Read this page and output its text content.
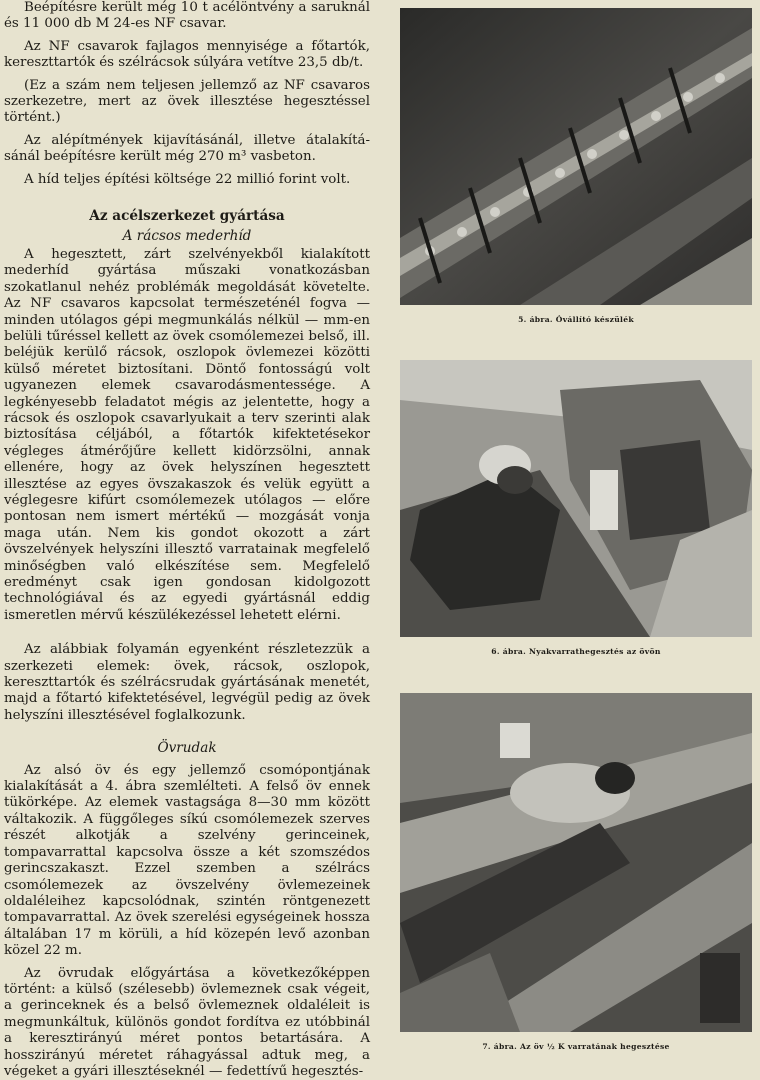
Beépítésre került még 10 t acélöntvény a saruknál és 11 000 db M 24-es NF csavar.

Az NF csavarok fajlagos mennyisége a főtartók, kereszttartók és szélrácsok súlyára vetítve 23,5 db/t.

(Ez a szám nem teljesen jellemző az NF csavaros szerkezetre, mert az övek illesztése hegesztéssel történt.)

Az alépítmények kijavításánál, illetve átalakításánál beépítésre került még 270 m³ vasbeton.

A híd teljes építési költsége 22 millió forint volt.

Az acélszerkezet gyártása
A rácsos mederhíd

A hegesztett, zárt szelvényekből kialakított mederhíd gyártása műszaki vonatkozásban szokatlanul nehéz problémák megoldását követelte. Az NF csavaros kapcsolat természeténél fogva — minden utólagos gépi megmunkálás nélkül — mm-en belüli tűréssel kellett az övek csomólemezei belső, ill. beléjük kerülő rácsok, oszlopok övlemezei közötti külső méretet biztosítani. Döntő fontosságú volt ugyanezen elemek csavarodásmentessége. A legkényesebb feladatot mégis az jelentette, hogy a rácsok és oszlopok csavarlyukait a terv szerinti alak biztosítása céljából, a főtartók kifektetésekor végleges átmérőjűre kellett kidörzsölni, annak ellenére, hogy az övek helyszínen hegesztett illesztése az egyes övszakaszok és velük együtt a véglegesre kifúrt csomólemezek utólagos — előre pontosan nem ismert mértékű — mozgását vonja maga után. Nem kis gondot okozott a zárt övszelvények helyszíni illesztő varratainak megfelelő minőségben való elkészítése sem. Megfelelő eredményt csak igen gondosan kidolgozott technológiával és az egyedi gyártásnál eddig ismeretlen mérvű készülékezéssel lehetett elérni.

Az alábbiak folyamán egyenként részletezzük a szerkezeti elemek: övek, rácsok, oszlopok, kereszttartók és szélrácsrudak gyártásának menetét, majd a főtartó kifektetésével, legvégül pedig az övek helyszíni illesztésével foglalkozunk.

Övrudak

Az alsó öv és egy jellemző csomópontjának kialakítását a 4. ábra szemlélteti. A felső öv ennek tükörképe. Az elemek vastagsága 8—30 mm között váltakozik. A függőleges síkú csomólemezek szerves részét alkotják a szelvény gerinceinek, tompavarrattal kapcsolva össze a két szomszédos gerincszakaszt. Ezzel szemben a szélrács csomólemezek az övszelvény övlemezeinek oldaléleihez kapcsolódnak, szintén röntgenezett tompavarrattal. Az övek szerelési egységeinek hossza általában 17 m körüli, a híd közepén levő azonban közel 22 m.

Az övrudak előgyártása a következőképpen történt: a külső (szélesebb) övlemeznek csak végeit, a gerinceknek és a belső övlemeznek oldaléleit is megmunkáltuk, különös gondot fordítva ez utóbbinál a keresztirányú méret pontos betartására. A hosszirányú méretet ráhagyással adtuk meg, a végeket a gyári illesztéseknél — fedettívű hegesztés-

5. ábra. Óvállító készülék
6. ábra. Nyakvarrathegesztés az övön
7. ábra. Az öv ½ K varratának hegesztése
